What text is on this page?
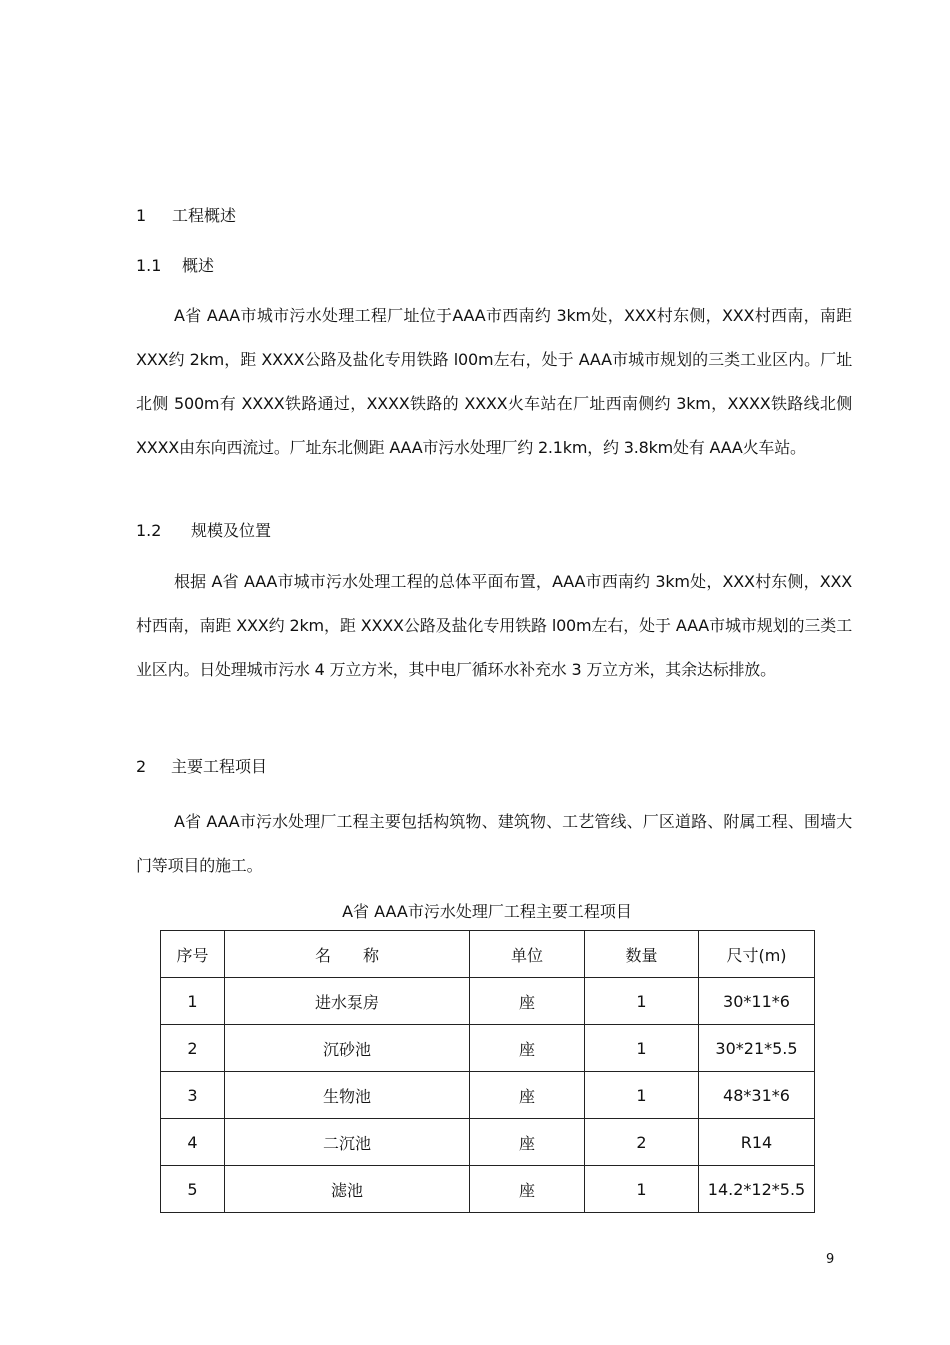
1 工程概述
1.1 概述
A省 AAA市城市污水处理工程厂址位于AAA市西南约 3km处，XXX村东侧，XXX村西南，南距 XXX约 2km，距 XXXX公路及盐化专用铁路 l00m左右，处于 AAA市城市规划的三类工业区内。厂址北侧 500m有 XXXX铁路通过，XXXX铁路的 XXXX火车站在厂址西南侧约 3km，XXXX铁路线北侧 XXXX由东向西流过。厂址东北侧距 AAA市污水处理厂约 2.1km，约 3.8km处有 AAA火车站。
1.2 规模及位置
根据 A省 AAA市城市污水处理工程的总体平面布置，AAA市西南约 3km处，XXX村东侧，XXX村西南，南距 XXX约 2km，距 XXXX公路及盐化专用铁路 l00m左右，处于 AAA市城市规划的三类工业区内。日处理城市污水 4 万立方米，其中电厂循环水补充水 3 万立方米，其余达标排放。
2 主要工程项目
A省 AAA市污水处理厂工程主要包括构筑物、建筑物、工艺管线、厂区道路、附属工程、围墙大门等项目的施工。
A省 AAA市污水处理厂工程主要工程项目
序号	名　　称	单位	数量	尺寸(m)
1	进水泵房	座	1	30*11*6
2	沉砂池	座	1	30*21*5.5
3	生物池	座	1	48*31*6
4	二沉池	座	2	R14
5	滤池	座	1	14.2*12*5.5
9
